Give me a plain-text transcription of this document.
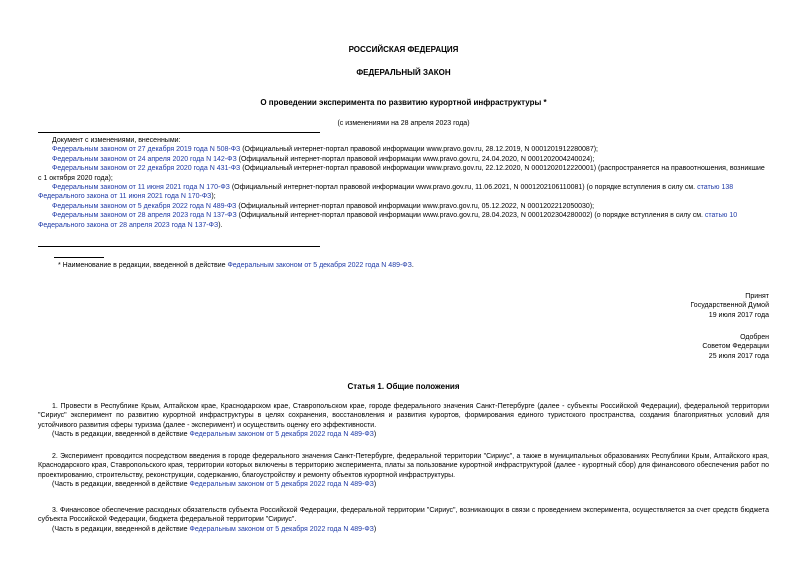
РОССИЙСКАЯ ФЕДЕРАЦИЯ
ФЕДЕРАЛЬНЫЙ ЗАКОН
О проведении эксперимента по развитию курортной инфраструктуры *
(с изменениями на 28 апреля 2023 года)

Документ с изменениями, внесенными:

Федеральным законом от 27 декабря 2019 года N 508-ФЗ (Официальный интернет-портал правовой информации www.pravo.gov.ru, 28.12.2019, N 0001201912280087);

Федеральным законом от 24 апреля 2020 года N 142-ФЗ (Официальный интернет-портал правовой информации www.pravo.gov.ru, 24.04.2020, N 0001202004240024);

Федеральным законом от 22 декабря 2020 года N 431-ФЗ (Официальный интернет-портал правовой информации www.pravo.gov.ru, 22.12.2020, N 0001202012220001) (распространяется на правоотношения, возникшие с 1 октября 2020 года);

Федеральным законом от 11 июня 2021 года N 170-ФЗ (Официальный интернет-портал правовой информации www.pravo.gov.ru, 11.06.2021, N 0001202106110081) (о порядке вступления в силу см. статью 138 Федерального закона от 11 июня 2021 года N 170-ФЗ);

Федеральным законом от 5 декабря 2022 года N 489-ФЗ (Официальный интернет-портал правовой информации www.pravo.gov.ru, 05.12.2022, N 0001202212050030);

Федеральным законом от 28 апреля 2023 года N 137-ФЗ (Официальный интернет-портал правовой информации www.pravo.gov.ru, 28.04.2023, N 0001202304280002) (о порядке вступления в силу см. статью 10 Федерального закона от 28 апреля 2023 года N 137-ФЗ).

* Наименование в редакции, введенной в действие Федеральным законом от 5 декабря 2022 года N 489-ФЗ.

Принят

Государственной Думой

19 июля 2017 года

Одобрен

Советом Федерации

25 июля 2017 года

Статья 1. Общие положения

1. Провести в Республике Крым, Алтайском крае, Краснодарском крае, Ставропольском крае, городе федерального значения Санкт-Петербурге (далее - субъекты Российской Федерации), федеральной территории "Сириус" эксперимент по развитию курортной инфраструктуры в целях сохранения, восстановления и развития курортов, формирования единого туристского пространства, создания благоприятных условий для устойчивого развития сферы туризма (далее - эксперимент) и осуществить оценку его эффективности.

(Часть в редакции, введенной в действие Федеральным законом от 5 декабря 2022 года N 489-ФЗ)

2. Эксперимент проводится посредством введения в городе федерального значения Санкт-Петербурге, федеральной территории "Сириус", а также в муниципальных образованиях Республики Крым, Алтайского края, Краснодарского края, Ставропольского края, территории которых включены в территорию эксперимента, платы за пользование курортной инфраструктурой (далее - курортный сбор) для финансового обеспечения работ по проектированию, строительству, реконструкции, содержанию, благоустройству и ремонту объектов курортной инфраструктуры.

(Часть в редакции, введенной в действие Федеральным законом от 5 декабря 2022 года N 489-ФЗ)

3. Финансовое обеспечение расходных обязательств субъекта Российской Федерации, федеральной территории "Сириус", возникающих в связи с проведением эксперимента, осуществляется за счет средств бюджета субъекта Российской Федерации, бюджета федеральной территории "Сириус".

(Часть в редакции, введенной в действие Федеральным законом от 5 декабря 2022 года N 489-ФЗ)
